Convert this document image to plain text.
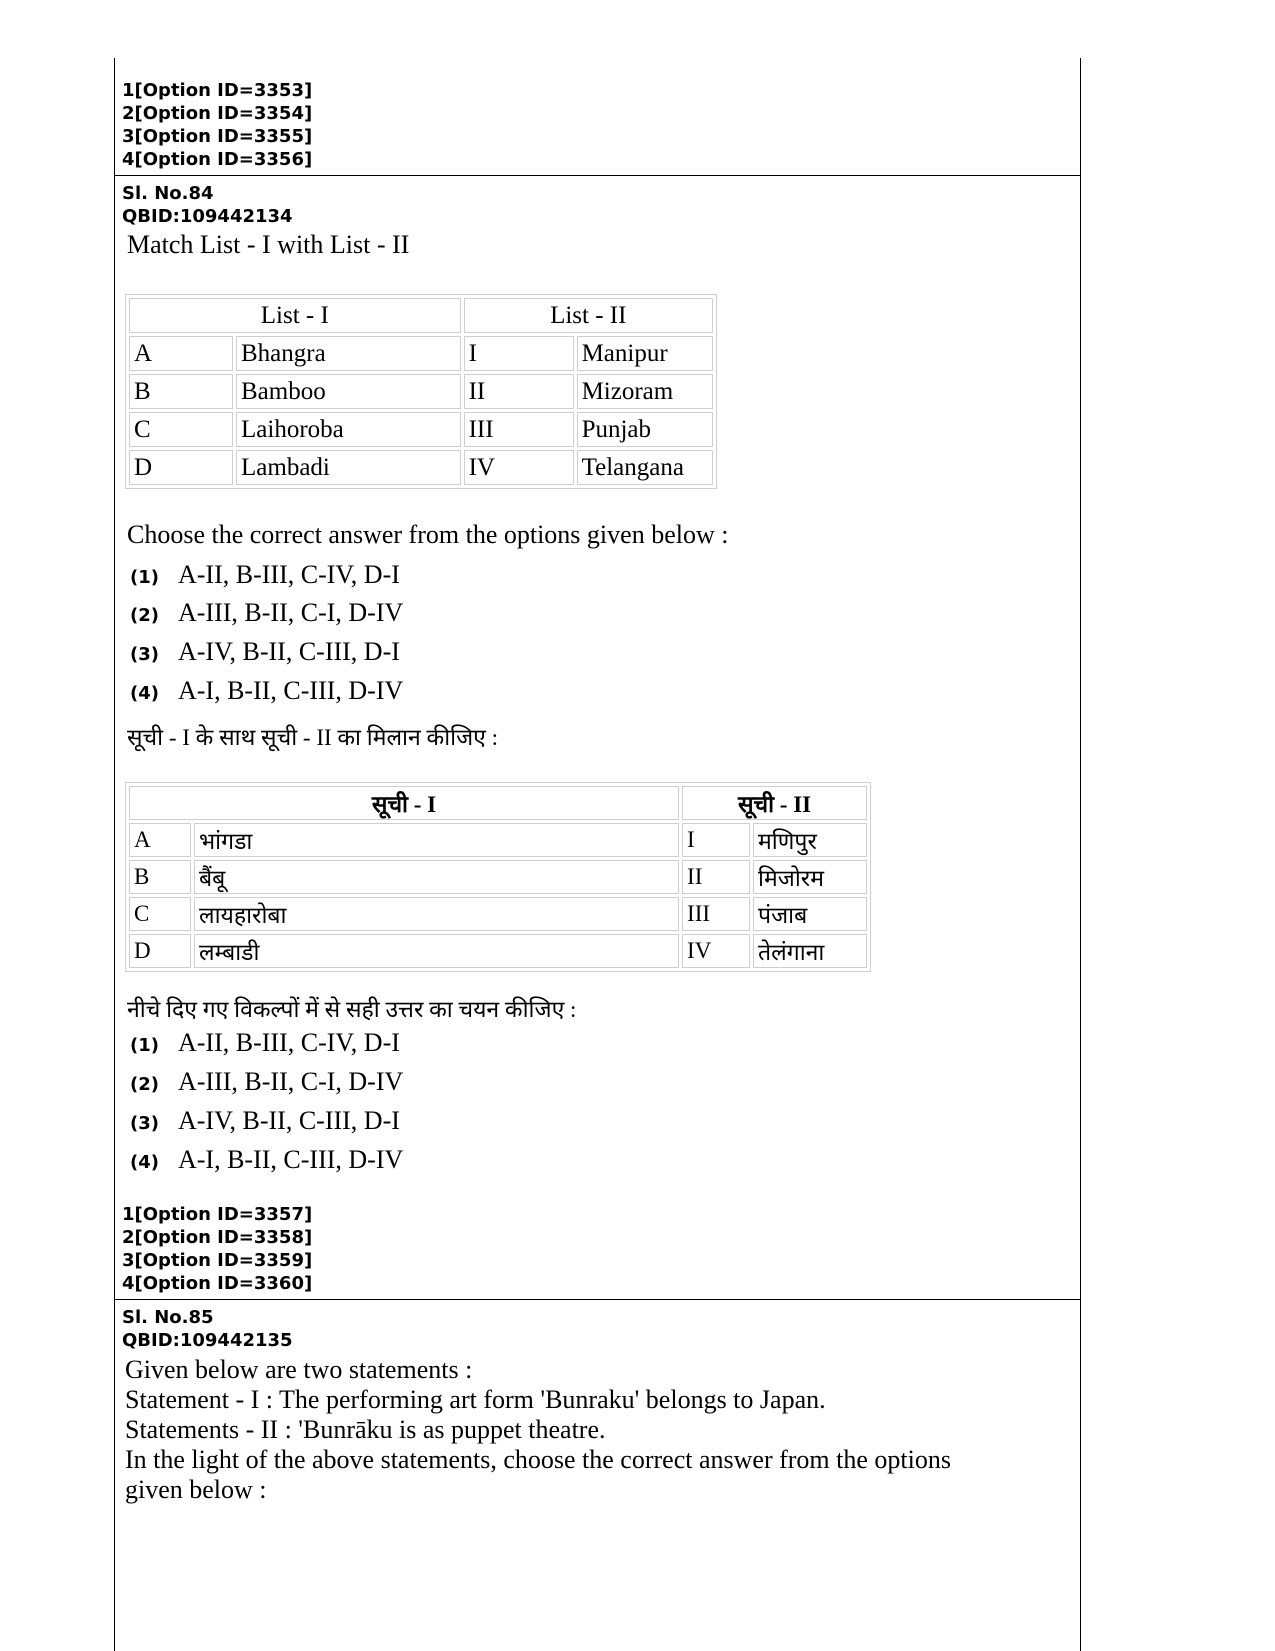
1[Option ID=3353]
2[Option ID=3354]
3[Option ID=3355]
4[Option ID=3356]
Sl. No.84
QBID:109442134
Match List - I with List - II
List - I		List - II	
A	Bhangra	I	Manipur
B	Bamboo	II	Mizoram
C	Laihoroba	III	Punjab
D	Lambadi	IV	Telangana
Choose the correct answer from the options given below :
(1) A-II, B-III, C-IV, D-I
(2) A-III, B-II, C-I, D-IV
(3) A-IV, B-II, C-III, D-I
(4) A-I, B-II, C-III, D-IV
सूची - I के साथ सूची - II का मिलान कीजिए :
सूची - I		सूची - II	
A	भांगडा	I	मणिपुर
B	बैंबू	II	मिजोरम
C	लायहारोबा	III	पंजाब
D	लम्बाडी	IV	तेलंगाना
नीचे दिए गए विकल्पों में से सही उत्तर का चयन कीजिए :
(1) A-II, B-III, C-IV, D-I
(2) A-III, B-II, C-I, D-IV
(3) A-IV, B-II, C-III, D-I
(4) A-I, B-II, C-III, D-IV
1[Option ID=3357]
2[Option ID=3358]
3[Option ID=3359]
4[Option ID=3360]
Sl. No.85
QBID:109442135
Given below are two statements :
Statement - I : The performing art form 'Bunraku' belongs to Japan.
Statements - II : 'Bunrāku is as puppet theatre.
In the light of the above statements, choose the correct answer from the options
given below :
